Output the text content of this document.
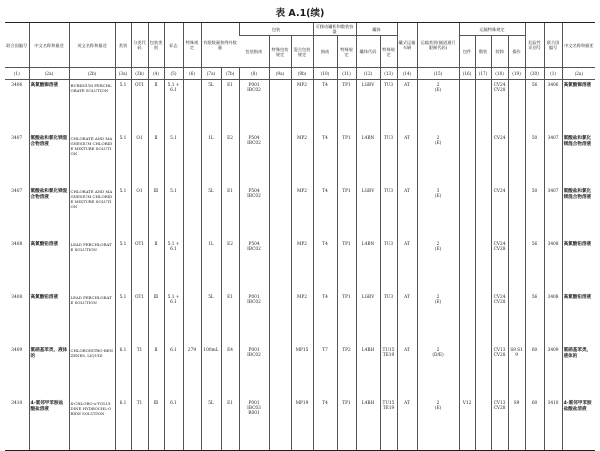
表 A.1(续)
联合国编号	中文名称和描述	英文名称和描述	类别	分类代码	包装类别	标志	特殊规定	有限数量和例外数量		包装			可移动罐柜和散装容器		罐体		罐式运输车辆	运输类别(隧道通行限制代码)	运输特殊规定				危险性识别号	联合国编号	中文名称和描述
										包装指南	特殊包装规定	混合包装规定	指南	特殊规定	罐体代码	特殊规定			包件	散装	装卸	操作			

(1)	(2a)	(2b)	(3a)	(3b)	(4)	(5)	(6)	(7a)	(7b)	(8)	(9a)	(9b)	(10)	(11)	(12)	(13)	(14)	(15)	(16)	(17)	(18)	(19)	(20)	(1)	(2a)
3406	高氯酸铷溶液	RUBIDIUM PERCHLORATE SOLUTION	5.1	OT1	Ⅱ	5.1 +
6.1		5L	E1	P001
IBC02		MP2	T4	TP1	LGBV	TU3	AT	2
(E)			CV24
CV28		56	3406	高氯酸铷溶液
3407	氯酸盐和氯化镁混合物溶液	CHLORATE AND MAGNESIUM CHLORIDE MIXTURE SOLUTION	5.1	O1	Ⅱ	5.1		1L	E2	P504
IBC02		MP2	T4	TP1	L4BN	TU3	AT	2
(E)			CV24		50	3407	氯酸盐和氯化镁混合物溶液
3407	氯酸盐和氯化镁混合物溶液	CHLORATE AND MAGNESIUM CHLORIDE MIXTURE SOLUTION	5.1	O1	Ⅲ	5.1		5L	E1	P504
IBC02		MP2	T4	TP1	LGBV	TU3	AT	3
(E)			CV24		50	3407	氯酸盐和氯化镁混合物溶液
3408	高氯酸铅溶液	LEAD PERCHLORATE SOLUTION	5.1	OT1	Ⅱ	5.1 +
6.1		1L	E2	P504
IBC02		MP2	T4	TP1	L4BN	TU3	AT	2
(E)			CV24
CV28		56	3408	高氯酸铅溶液
3408	高氯酸铅溶液	LEAD PERCHLORATE SOLUTION	5.1	OT1	Ⅲ	5.1 +
6.1		5L	E1	P001
IBC02		MP2	T4	TP1	LGBV	TU3	AT	2
(E)			CV24
CV28		56	3408	高氯酸铅溶液
3409	氯硝基苯类，液体的	CHLORONITRO-BENZENES, LIQUID	6.1	T1	Ⅱ	6.1	279	100mL	E4	P001
IBC02		MP15	T7	TP2	L4BH	TU15 TE19	AT	2
(D/E)			CV13
CV28	S9 S19	60	3409	氯硝基苯类，液体的
3410	4-氯邻甲苯胺盐酸盐溶液	4-CHLORO-o-TOLUIDINE HYDROCHL-ORIDE SOLUTION	6.1	T1	Ⅲ	6.1		5L	E1	P001
IBC03
R001		MP19	T4	TP1	L4BH	TU15 TE19	AT	2
(E)	V12		CV13
CV28	S9	60	3410	4-氯邻甲苯胺盐酸盐溶液
